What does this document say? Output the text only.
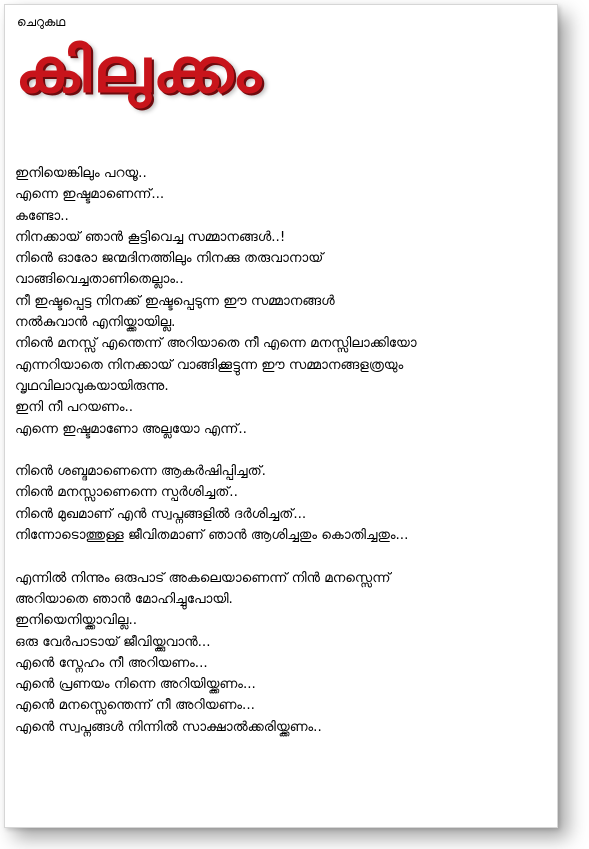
ചെറുകഥ
കിലുക്കം
ഇനിയെങ്കിലും പറയൂ..
എന്നെ ഇഷ്ടമാണെന്ന്...
കണ്ടോ..
നിനക്കായ് ഞാൻ കൂട്ടിവെച്ച സമ്മാനങ്ങൾ..!
നിൻെ ഓരോ ജന്മദിനത്തിലും നിനക്കു തരുവാനായ്
വാങ്ങിവെച്ചതാണിതെല്ലാം..
നീ ഇഷ്ടപ്പെട്ട നിനക്ക് ഇഷ്ടപ്പെടുന്ന ഈ സമ്മാനങ്ങൾ
നൽകുവാൻ എനിയ്ക്കായില്ല.
നിൻെ മനസ്സ് എന്തെന്ന് അറിയാതെ നീ എന്നെ മനസ്സിലാക്കിയോ
എന്നറിയാതെ നിനക്കായ് വാങ്ങിക്കൂട്ടുന്ന ഈ സമ്മാനങ്ങളത്രയും
വൃഥവിലാവുകയായിരുന്നു.
ഇനി നീ പറയണം..
എന്നെ ഇഷ്ടമാണോ അല്ലയോ എന്ന്..
നിൻെ ശബ്ദമാണെന്നെ ആകർഷിപ്പിച്ചത്.
നിൻെ മനസ്സാണെന്നെ സ്പർശിച്ചത്..
നിൻെ മുഖമാണ് എൻ സ്വപ്നങ്ങളിൽ ദർശിച്ചത്...
നിന്നോടൊത്തുള്ള ജീവിതമാണ് ഞാൻ ആശിച്ചതും കൊതിച്ചതും...
എന്നിൽ നിന്നും ഒരുപാട് അകലെയാണെന്ന് നിൻ മനസ്സെന്ന്
അറിയാതെ ഞാൻ മോഹിച്ചുപോയി.
ഇനിയെനിയ്ക്കാവില്ല..
ഒരു വേർപാടായ് ജീവിയ്ക്കുവാൻ...
എൻെ സ്നേഹം നീ അറിയണം...
എൻെ പ്രണയം നിന്നെ അറിയിയ്ക്കണം...
എൻെ മനസ്സെന്തെന്ന് നീ അറിയണം...
എൻെ സ്വപ്നങ്ങൾ നിന്നിൽ സാക്ഷാൽക്കരിയ്ക്കണം..
